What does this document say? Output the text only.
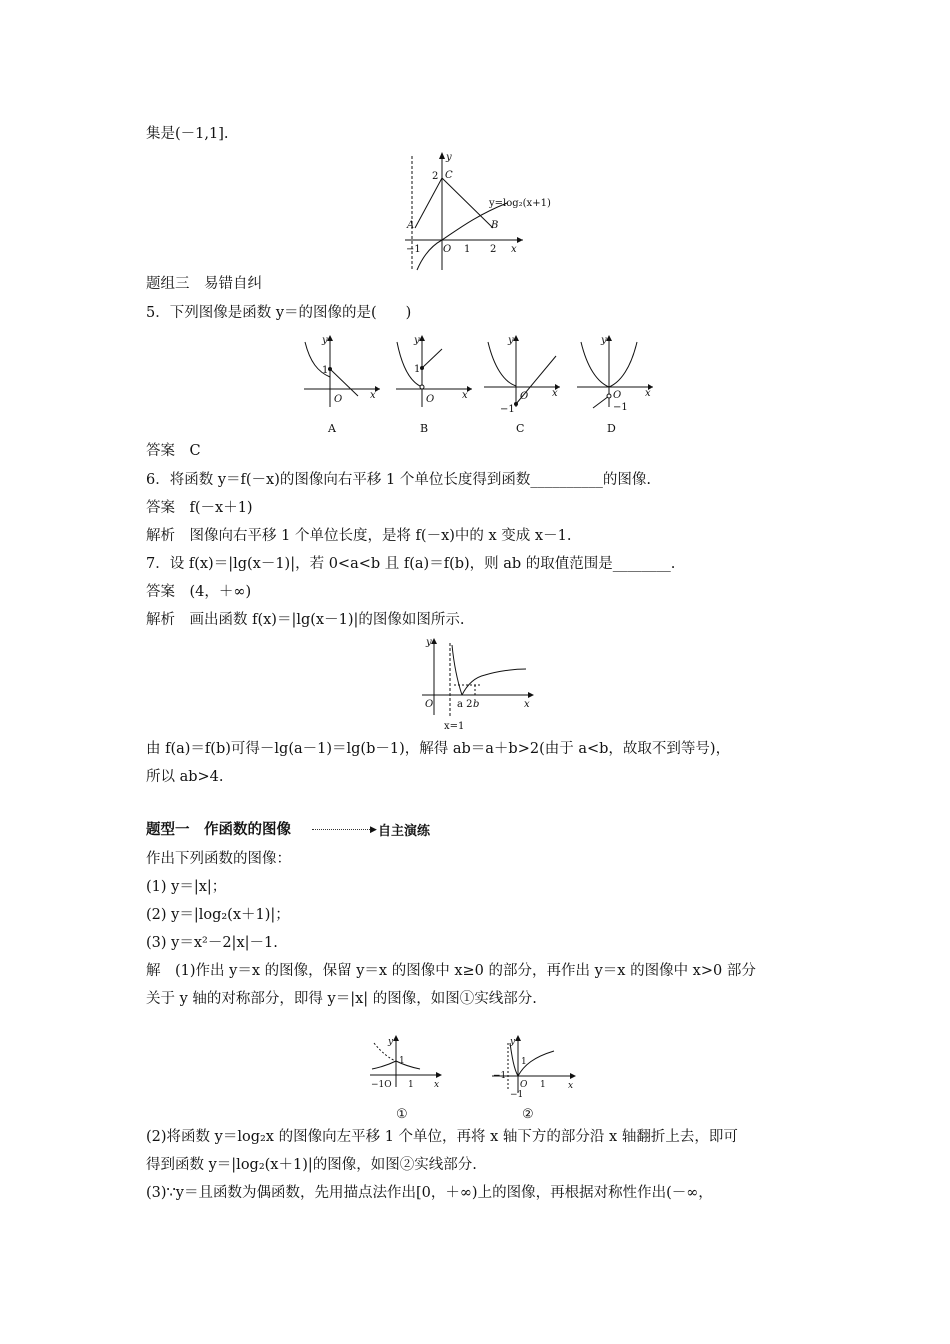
集是(－1,1].
y
C
2
y=log₂(x+1)
A	B
−1 O 1 2 x
题组三　易错自纠
5．下列图像是函数 y＝的图像的是(　　)
y
1
O	x
A
y
1
O	x
B
y
−1
O x
C
y
−1
O x
D
答案　C
6．将函数 y＝f(－x)的图像向右平移 1 个单位长度得到函数__________的图像.
答案　f(－x＋1)
解析　图像向右平移 1 个单位长度，是将 f(－x)中的 x 变成 x－1.
7．设 f(x)＝|lg(x－1)|，若 0<a<b 且 f(a)＝f(b)，则 ab 的取值范围是________.
答案　(4，＋∞)
解析　画出函数 f(x)＝|lg(x－1)|的图像如图所示.
y
O a 2 b	x
x=1
由 f(a)＝f(b)可得－lg(a－1)＝lg(b－1)，解得 ab＝a＋b>2(由于 a<b，故取不到等号)，
所以 ab>4.
题型一　作函数的图像	▶ 自主演练
作出下列函数的图像：
(1) y＝|x|；
(2) y＝|log₂(x＋1)|；
(3) y＝x²－2|x|－1.
解　(1)作出 y＝x 的图像，保留 y＝x 的图像中 x≥0 的部分，再作出 y＝x 的图像中 x>0 部分
关于 y 轴的对称部分，即得 y＝|x| 的图像，如图①实线部分.
y
1
−1O 1 x
①
y
1
−1
O 1
−1
x
②
(2)将函数 y＝log₂x 的图像向左平移 1 个单位，再将 x 轴下方的部分沿 x 轴翻折上去，即可
得到函数 y＝|log₂(x＋1)|的图像，如图②实线部分.
(3)∵y＝且函数为偶函数，先用描点法作出[0，＋∞)上的图像，再根据对称性作出(－∞，
